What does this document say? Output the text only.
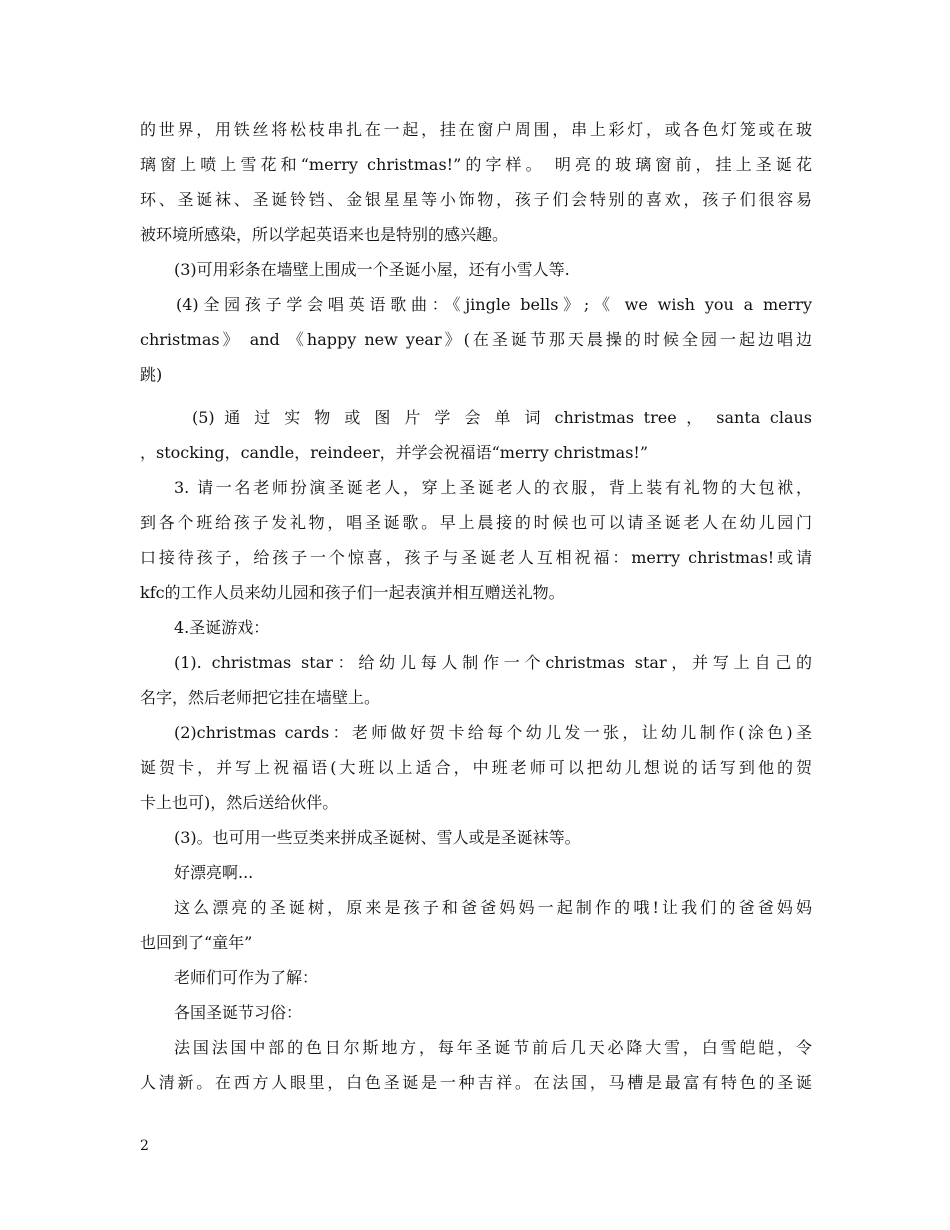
的世界，用铁丝将松枝串扎在一起，挂在窗户周围，串上彩灯，或各色灯笼或在玻
璃窗上喷上雪花和“merry christmas!”的字样。 明亮的玻璃窗前，挂上圣诞花
环、圣诞袜、圣诞铃铛、金银星星等小饰物，孩子们会特别的喜欢，孩子们很容易
被环境所感染，所以学起英语来也是特别的感兴趣。
(3)可用彩条在墙壁上围成一个圣诞小屋，还有小雪人等.
(4)全园孩子学会唱英语歌曲：《jingle bells》;《 we wish you a merry
christmas》 and 《happy new year》(在圣诞节那天晨操的时候全园一起边唱边
跳)
(5) 通 过 实 物 或 图 片 学 会 单 词 christmas tree ， santa claus
，stocking，candle，reindeer，并学会祝福语“merry christmas!”
3. 请一名老师扮演圣诞老人，穿上圣诞老人的衣服，背上装有礼物的大包袱，
到各个班给孩子发礼物，唱圣诞歌。早上晨接的时候也可以请圣诞老人在幼儿园门
口接待孩子，给孩子一个惊喜，孩子与圣诞老人互相祝福：merry christmas!或请
kfc的工作人员来幼儿园和孩子们一起表演并相互赠送礼物。
4.圣诞游戏：
(1). christmas star：给幼儿每人制作一个christmas star，并写上自己的
名字，然后老师把它挂在墙壁上。
(2)christmas cards：老师做好贺卡给每个幼儿发一张，让幼儿制作(涂色)圣
诞贺卡，并写上祝福语(大班以上适合，中班老师可以把幼儿想说的话写到他的贺
卡上也可)，然后送给伙伴。
(3)。也可用一些豆类来拼成圣诞树、雪人或是圣诞袜等。
好漂亮啊...
这么漂亮的圣诞树，原来是孩子和爸爸妈妈一起制作的哦!让我们的爸爸妈妈
也回到了“童年”
老师们可作为了解：
各国圣诞节习俗：
法国法国中部的色日尔斯地方，每年圣诞节前后几天必降大雪，白雪皑皑，令
人清新。在西方人眼里，白色圣诞是一种吉祥。在法国，马槽是最富有特色的圣诞
2
